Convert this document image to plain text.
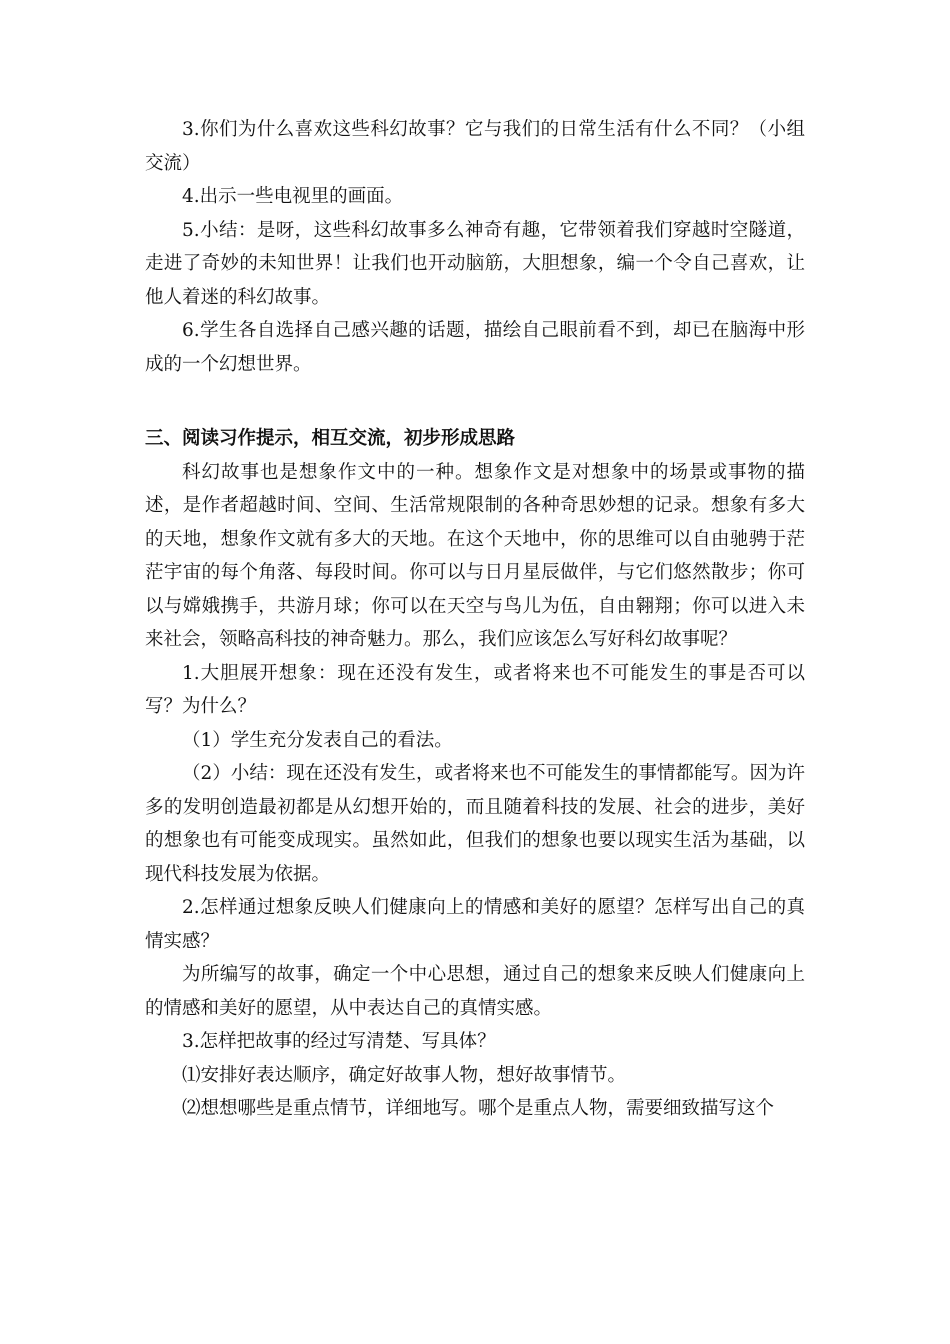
3.你们为什么喜欢这些科幻故事？它与我们的日常生活有什么不同？（小组交流）

4.出示一些电视里的画面。

5.小结：是呀，这些科幻故事多么神奇有趣，它带领着我们穿越时空隧道，走进了奇妙的未知世界！让我们也开动脑筋，大胆想象，编一个令自己喜欢，让他人着迷的科幻故事。

6.学生各自选择自己感兴趣的话题，描绘自己眼前看不到，却已在脑海中形成的一个幻想世界。

三、阅读习作提示，相互交流，初步形成思路

科幻故事也是想象作文中的一种。想象作文是对想象中的场景或事物的描述，是作者超越时间、空间、生活常规限制的各种奇思妙想的记录。想象有多大的天地，想象作文就有多大的天地。在这个天地中，你的思维可以自由驰骋于茫茫宇宙的每个角落、每段时间。你可以与日月星辰做伴，与它们悠然散步；你可以与嫦娥携手，共游月球；你可以在天空与鸟儿为伍，自由翱翔；你可以进入未来社会，领略高科技的神奇魅力。那么，我们应该怎么写好科幻故事呢？

1.大胆展开想象：现在还没有发生，或者将来也不可能发生的事是否可以写？为什么？

（1）学生充分发表自己的看法。

（2）小结：现在还没有发生，或者将来也不可能发生的事情都能写。因为许多的发明创造最初都是从幻想开始的，而且随着科技的发展、社会的进步，美好的想象也有可能变成现实。虽然如此，但我们的想象也要以现实生活为基础，以现代科技发展为依据。

2.怎样通过想象反映人们健康向上的情感和美好的愿望？怎样写出自己的真情实感？

为所编写的故事，确定一个中心思想，通过自己的想象来反映人们健康向上的情感和美好的愿望，从中表达自己的真情实感。

3.怎样把故事的经过写清楚、写具体？

⑴安排好表达顺序，确定好故事人物，想好故事情节。

⑵想想哪些是重点情节，详细地写。哪个是重点人物，需要细致描写这个
